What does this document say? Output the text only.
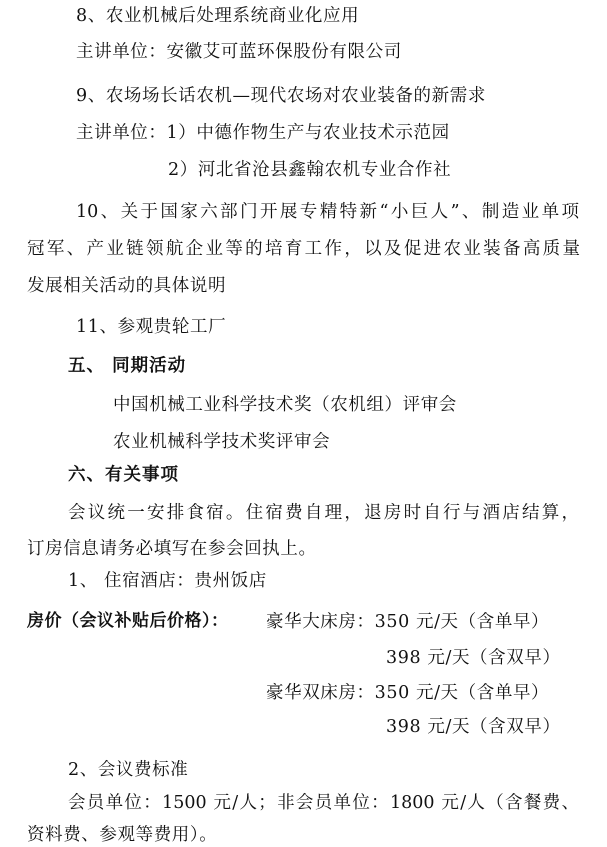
8、农业机械后处理系统商业化应用
主讲单位：安徽艾可蓝环保股份有限公司
9、农场场长话农机—现代农场对农业装备的新需求
主讲单位：1）中德作物生产与农业技术示范园
2）河北省沧县鑫翰农机专业合作社
10、关于国家六部门开展专精特新“小巨人”、制造业单项
冠军、产业链领航企业等的培育工作，以及促进农业装备高质量
发展相关活动的具体说明
11、参观贵轮工厂
五、 同期活动
中国机械工业科学技术奖（农机组）评审会
农业机械科学技术奖评审会
六、有关事项
会议统一安排食宿。住宿费自理，退房时自行与酒店结算，
订房信息请务必填写在参会回执上。
1、 住宿酒店：贵州饭店
房价（会议补贴后价格）： 豪华大床房：350 元/天（含单早）
398 元/天（含双早）
豪华双床房：350 元/天（含单早）
398 元/天（含双早）
2、会议费标准
会员单位：1500 元/人；非会员单位：1800 元/人（含餐费、
资料费、参观等费用）。
